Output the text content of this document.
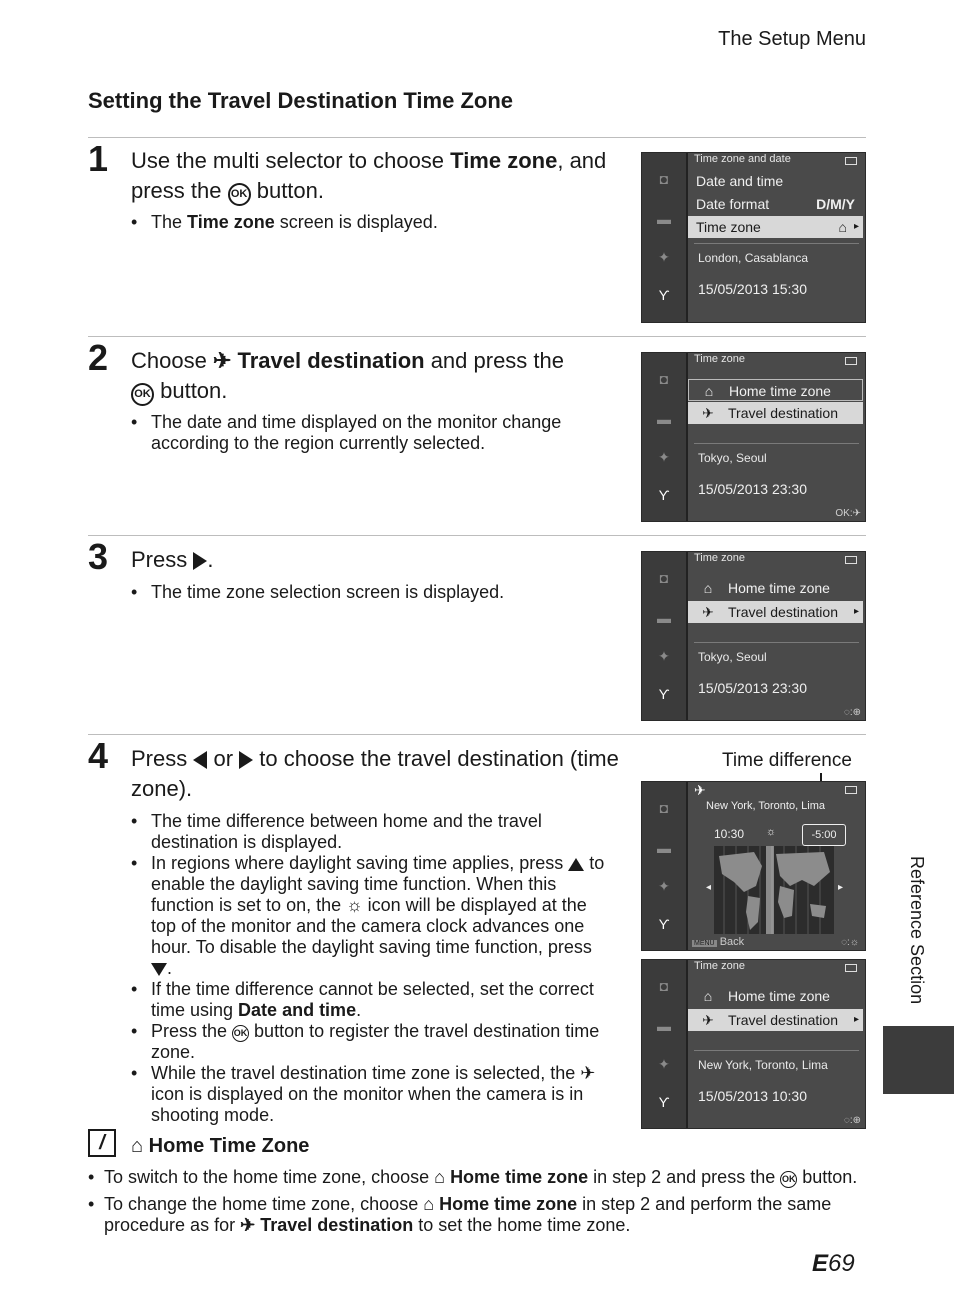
The Setup Menu
Setting the Travel Destination Time Zone
1 Use the multi selector to choose Time zone, and press the OK button.
• The Time zone screen is displayed.
◘
▬
✦
ϒ
Time zone and date
Date and time
Date format	D/M/Y
Time zone	⌂ ▸
London, Casablanca
15/05/2013 15:30
2 Choose ✈ Travel destination and press the
OK button.
• The date and time displayed on the monitor change according to the region currently selected.
◘
▬
✦
ϒ
Time zone
⌂ Home time zone
✈ Travel destination
Tokyo, Seoul
15/05/2013 23:30
OK:✈
3 Press .
• The time zone selection screen is displayed.
◘
▬
✦
ϒ
Time zone
⌂ Home time zone
✈ Travel destination ▸
Tokyo, Seoul
15/05/2013 23:30
◌:⊕
4 Press  or  to choose the travel destination (time zone).
• The time difference between home and the travel destination is displayed.
• In regions where daylight saving time applies, press  to enable the daylight saving time function. When this function is set to on, the ☼ icon will be displayed at the top of the monitor and the camera clock advances one hour. To disable the daylight saving time function, press .
• If the time difference cannot be selected, set the correct time using Date and time.
• Press the OK button to register the travel destination time zone.
• While the travel destination time zone is selected, the ✈ icon is displayed on the monitor when the camera is in shooting mode.
Time difference
◘
▬
✦
ϒ
✈
New York, Toronto, Lima
10:30 ☼	-5:00
◂	▸
MENU Back	◌:☼
◘
▬
✦
ϒ
Time zone
⌂ Home time zone
✈ Travel destination ▸
New York, Toronto, Lima
15/05/2013 10:30
◌:⊕
/	⌂ Home Time Zone
• To switch to the home time zone, choose ⌂ Home time zone in step 2 and press the OK button.
• To change the home time zone, choose ⌂ Home time zone in step 2 and perform the same procedure as for ✈ Travel destination to set the home time zone.
Reference Section
E69
